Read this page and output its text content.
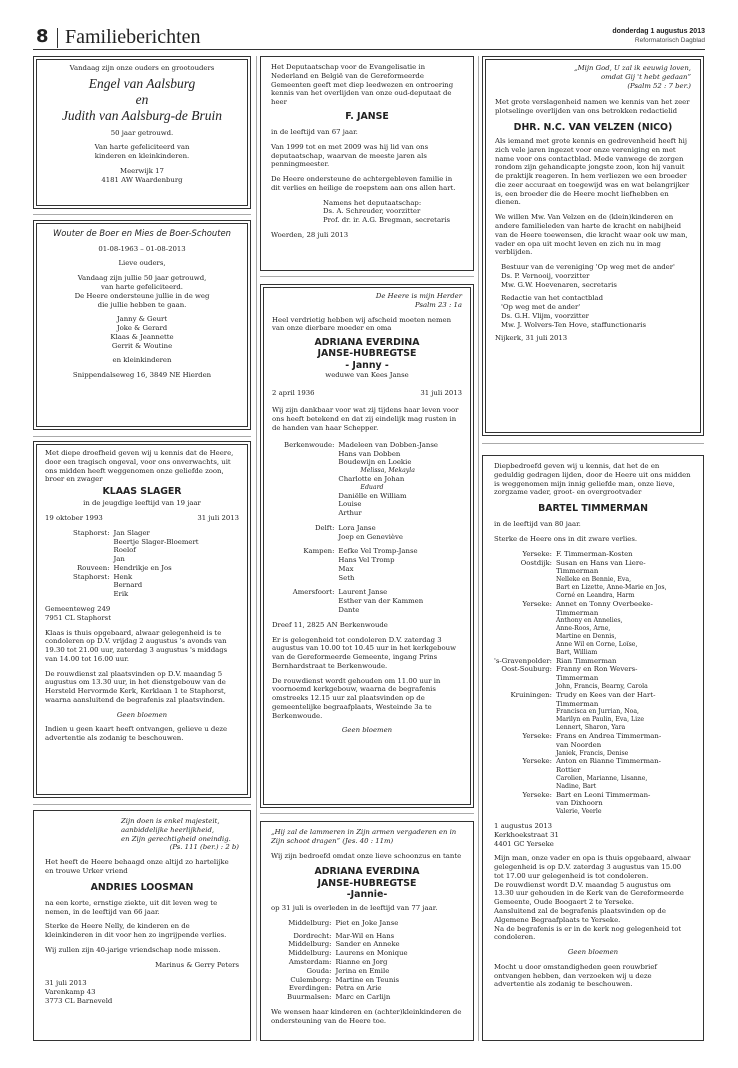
8 Familieberichten	donderdag 1 augustus 2013
Reformatorisch Dagblad

Vandaag zijn onze ouders en grootouders

Engel van Aalsburg
en
Judith van Aalsburg-de Bruin

50 jaar getrouwd.

Van harte gefeliciteerd van
kinderen en kleinkinderen.

Meerwijk 17
4181 AW Waardenburg

Wouter de Boer en Mies de Boer-Schouten

01-08-1963 – 01-08-2013

Lieve ouders,

Vandaag zijn jullie 50 jaar getrouwd,
van harte gefeliciteerd.
De Heere ondersteune jullie in de weg
die jullie hebben te gaan.

Janny & Geurt
Joke & Gerard
Klaas & Jeannette
Gerrit & Woutine

en kleinkinderen

Snippendalseweg 16, 3849 NE Hierden

Met diepe droefheid geven wij u kennis dat de Heere, door een tragisch ongeval, voor ons onverwachts, uit ons midden heeft weggenomen onze geliefde zoon, broer en zwager

KLAAS SLAGER

in de jeugdige leeftijd van 19 jaar

19 oktober 1993	31 juli 2013
Staphorst: Jan Slager
Beertje Slager-Bloemert
Roelof
Jan
Rouveen: Hendrikje en Jos
Staphorst: Henk
Bernard
Erik

Gemeenteweg 249
7951 CL Staphorst

Klaas is thuis opgebaard, alwaar gelegenheid is te condoleren op D.V. vrijdag 2 augustus 's avonds van 19.30 tot 21.00 uur, zaterdag 3 augustus 's middags van 14.00 tot 16.00 uur.

De rouwdienst zal plaatsvinden op D.V. maandag 5 augustus om 13.30 uur, in het dienstgebouw van de Hersteld Hervormde Kerk, Kerklaan 1 te Staphorst, waarna aansluitend de begrafenis zal plaatsvinden.

Geen bloemen

Indien u geen kaart heeft ontvangen, gelieve u deze advertentie als zodanig te beschouwen.

Zijn doen is enkel majesteit,
aanbiddelijke heerlijkheid,
en Zijn gerechtigheid oneindig.

(Ps. 111 (ber.) : 2 b)

Het heeft de Heere behaagd onze altijd zo hartelijke en trouwe Urker vriend

ANDRIES LOOSMAN

na een korte, ernstige ziekte, uit dit leven weg te nemen, in de leeftijd van 66 jaar.

Sterke de Heere Nelly, de kinderen en de kleinkinderen in dit voor hen zo ingrijpende verlies.

Wij zullen zijn 40-jarige vriendschap node missen.

Marinus & Gerry Peters

31 juli 2013
Varenkamp 43
3773 CL Barneveld

Het Deputaatschap voor de Evangelisatie in Nederland en België van de Gereformeerde Gemeenten geeft met diep leedwezen en ontroering kennis van het overlijden van onze oud-deputaat de heer

F. JANSE

in de leeftijd van 67 jaar.

Van 1999 tot en met 2009 was hij lid van ons deputaatschap, waarvan de meeste jaren als penningmeester.

De Heere ondersteune de achtergebleven familie in dit verlies en heilige de roepstem aan ons allen hart.

Namens het deputaatschap:
Ds. A. Schreuder, voorzitter
Prof. dr. ir. A.G. Bregman, secretaris

Woerden, 28 juli 2013
De Heere is mijn Herder

Psalm 23 : 1a

Heel verdrietig hebben wij afscheid moeten nemen van onze dierbare moeder en oma

ADRIANA EVERDINA
JANSE-HUBREGTSE
- Janny -

weduwe van Kees Janse

2 april 1936	31 juli 2013

Wij zijn dankbaar voor wat zij tijdens haar leven voor ons heeft betekend en dat zij eindelijk mag rusten in de handen van haar Schepper.

Berkenwoude: Madeleen van Dobben-Janse
Hans van Dobben
Boudewijn en Loekie
Melissa, Mekayla
Charlotte en Johan
Eduard
Daniëlle en William
Louise
Arthur
Delft: Lora Janse
Joep en Geneviève
Kampen: Eefke Vel Tromp-Janse
Hans Vel Tromp
Max
Seth
Amersfoort: Laurent Janse
Esther van der Kammen
Dante

Dreef 11, 2825 AN Berkenwoude

Er is gelegenheid tot condoleren D.V. zaterdag 3 augustus van 10.00 tot 10.45 uur in het kerkgebouw van de Gereformeerde Gemeente, ingang Prins Bernhardstraat te Berkenwoude.

De rouwdienst wordt gehouden om 11.00 uur in voornoemd kerkgebouw, waarna de begrafenis omstreeks 12.15 uur zal plaatsvinden op de gemeentelijke begraafplaats, Westeinde 3a te Berkenwoude.

Geen bloemen

„Hij zal de lammeren in Zijn armen vergaderen en in Zijn schoot dragen” (Jes. 40 : 11m)

Wij zijn bedroefd omdat onze lieve schoonzus en tante

ADRIANA EVERDINA
JANSE-HUBREGTSE
-Jannie-

op 31 juli is overleden in de leeftijd van 77 jaar.

Middelburg: Piet en Joke Janse
Dordrecht: Mar-Wil en Hans
Middelburg: Sander en Anneke
Middelburg: Laurens en Monique
Amsterdam: Rianne en Jorg
Gouda: Jerina en Emile
Culemborg: Martine en Teunis
Everdingen: Petra en Arie
Buurmalsen: Marc en Carlijn

We wensen haar kinderen en (achter)kleinkinderen de ondersteuning van de Heere toe.

„Mijn God, U zal ik eeuwig loven,
omdat Gij 't hebt gedaan”

(Psalm 52 : 7 ber.)

Met grote verslagenheid namen we kennis van het zeer plotselinge overlijden van ons betrokken redactielid

DHR. N.C. VAN VELZEN (NICO)

Als iemand met grote kennis en gedrevenheid heeft hij zich vele jaren ingezet voor onze vereniging en met name voor ons contactblad. Mede vanwege de zorgen rondom zijn gehandicapte jongste zoon, kon hij vanuit de praktijk reageren. In hem verliezen we een broeder die zeer accuraat en toegewijd was en wat belangrijker is, een broeder die de Heere mocht liefhebben en dienen.

We willen Mw. Van Velzen en de (klein)kinderen en andere familieleden van harte de kracht en nabijheid van de Heere toewensen, die kracht waar ook uw man, vader en opa uit mocht leven en zich nu in mag verblijden.

Bestuur van de vereniging 'Op weg met de ander'
Ds. P. Vernooij, voorzitter
Mw. G.W. Hoevenaren, secretaris

Redactie van het contactblad
'Op weg met de ander'
Ds. G.H. Vlijm, voorzitter
Mw. J. Wolvers-Ten Hove, staffunctionaris

Nijkerk, 31 juli 2013

Diepbedroefd geven wij u kennis, dat het de en geduldig gedragen lijden, door de Heere uit ons midden is weggenomen mijn innig geliefde man, onze lieve, zorgzame vader, groot- en overgrootvader

BARTEL TIMMERMAN

in de leeftijd van 80 jaar.

Sterke de Heere ons in dit zware verlies.

Yerseke: F. Timmerman-Kosten
Oostdijk: Susan en Hans van Liere-
Timmerman
Nelleke en Bennie, Eva,
Bart en Lizette, Anne-Marie en Jos,
Corné en Leandra, Harm
Yerseke: Annet en Tonny Overbeeke-
Timmerman
Anthony en Annelies,
Anne-Roos, Arne,
Martine en Dennis,
Anne Wil en Corne, Loïse,
Bart, William
's-Gravenpolder: Rian Timmerman
Oost-Souburg: Franny en Ron Wevers-
Timmerman
John, Francis, Bearny, Carola
Kruiningen: Trudy en Kees van der Hart-
Timmerman
Francisca en Jurrian, Noa,
Marilyn en Paulin, Eva, Lize
Lennert, Sharon, Yara
Yerseke: Frans en Andrea Timmerman-
van Noorden
Janiek, Francis, Denise
Yerseke: Anton en Rianne Timmerman-
Rottier
Carolien, Marianne, Lisanne,
Nadine, Bart
Yerseke: Bart en Leoni Timmerman-
van Dixhoorn
Valerie, Veerle
1 augustus 2013

Kerkhoekstraat 31
4401 GC Yerseke

Mijn man, onze vader en opa is thuis opgebaard, alwaar gelegenheid is op D.V. zaterdag 3 augustus van 15.00 tot 17.00 uur gelegenheid is tot condoleren.
De rouwdienst wordt D.V. maandag 5 augustus om 13.30 uur gehouden in de Kerk van de Gereformeerde Gemeente, Oude Boogaert 2 te Yerseke.
Aansluitend zal de begrafenis plaatsvinden op de Algemene Begraafplaats te Yerseke.
Na de begrafenis is er in de kerk nog gelegenheid tot condoleren.

Geen bloemen

Mocht u door omstandigheden geen rouwbrief ontvangen hebben, dan verzoeken wij u deze advertentie als zodanig te beschouwen.
